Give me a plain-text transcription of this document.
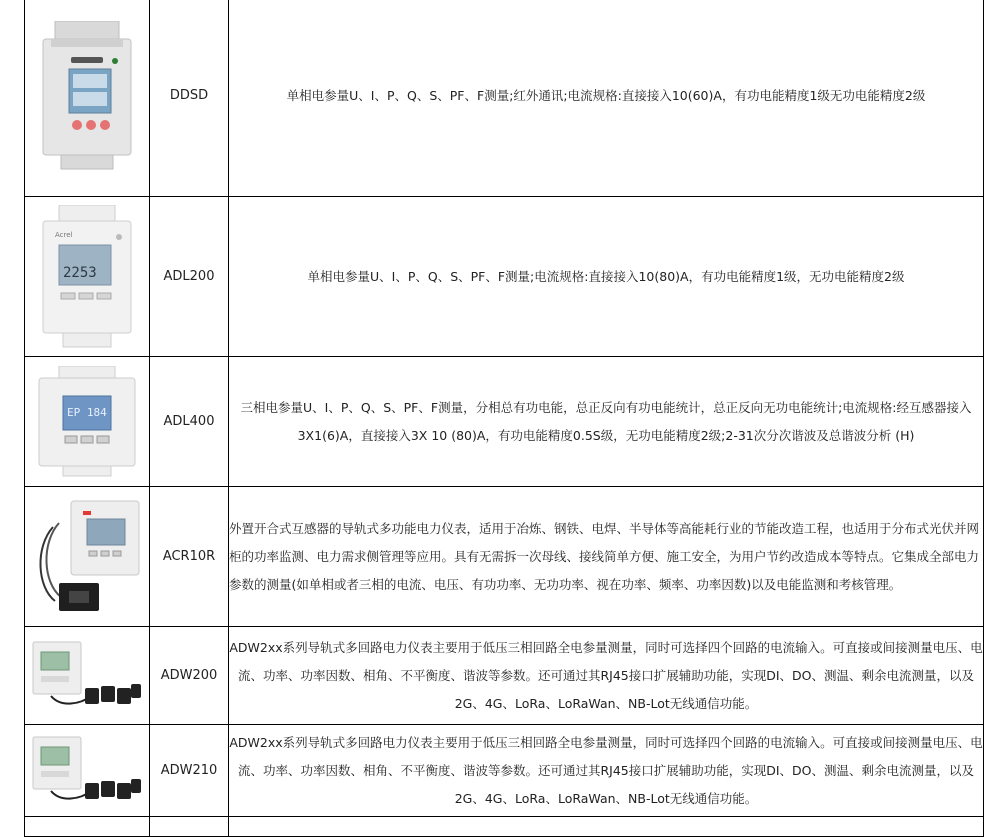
	DDSD	单相电参量U、I、P、Q、S、PF、F测量;红外通讯;电流规格:直接接入10(60)A，有功电能精度1级无功电能精度2级

Acrel
2253	ADL200	单相电参量U、I、P、Q、S、PF、F测量;电流规格:直接接入10(80)A，有功电能精度1级，无功电能精度2级

EP 184	ADL400	三相电参量U、I、P、Q、S、PF、F测量，分相总有功电能，总正反向有功电能统计，总正反向无功电能统计;电流规格:经互感器接入3X1(6)A，直接接入3X 10 (80)A，有功电能精度0.5S级，无功电能精度2级;2-31次分次谐波及总谐波分析 (H)

	ACR10R	外置开合式互感器的导轨式多功能电力仪表，适用于冶炼、钢铁、电焊、半导体等高能耗行业的节能改造工程，也适用于分布式光伏并网柜的功率监测、电力需求侧管理等应用。具有无需拆一次母线、接线简单方便、施工安全，为用户节约改造成本等特点。它集成全部电力参数的测量(如单相或者三相的电流、电压、有功功率、无功功率、视在功率、频率、功率因数)以及电能监测和考核管理。

	ADW200	ADW2xx系列导轨式多回路电力仪表主要用于低压三相回路全电参量测量，同时可选择四个回路的电流输入。可直接或间接测量电压、电流、功率、功率因数、相角、不平衡度、谐波等参数。还可通过其RJ45接口扩展辅助功能，实现DI、DO、测温、剩余电流测量，以及2G、4G、LoRa、LoRaWan、NB-Lot无线通信功能。

	ADW210	ADW2xx系列导轨式多回路电力仪表主要用于低压三相回路全电参量测量，同时可选择四个回路的电流输入。可直接或间接测量电压、电流、功率、功率因数、相角、不平衡度、谐波等参数。还可通过其RJ45接口扩展辅助功能，实现DI、DO、测温、剩余电流测量，以及2G、4G、LoRa、LoRaWan、NB-Lot无线通信功能。
